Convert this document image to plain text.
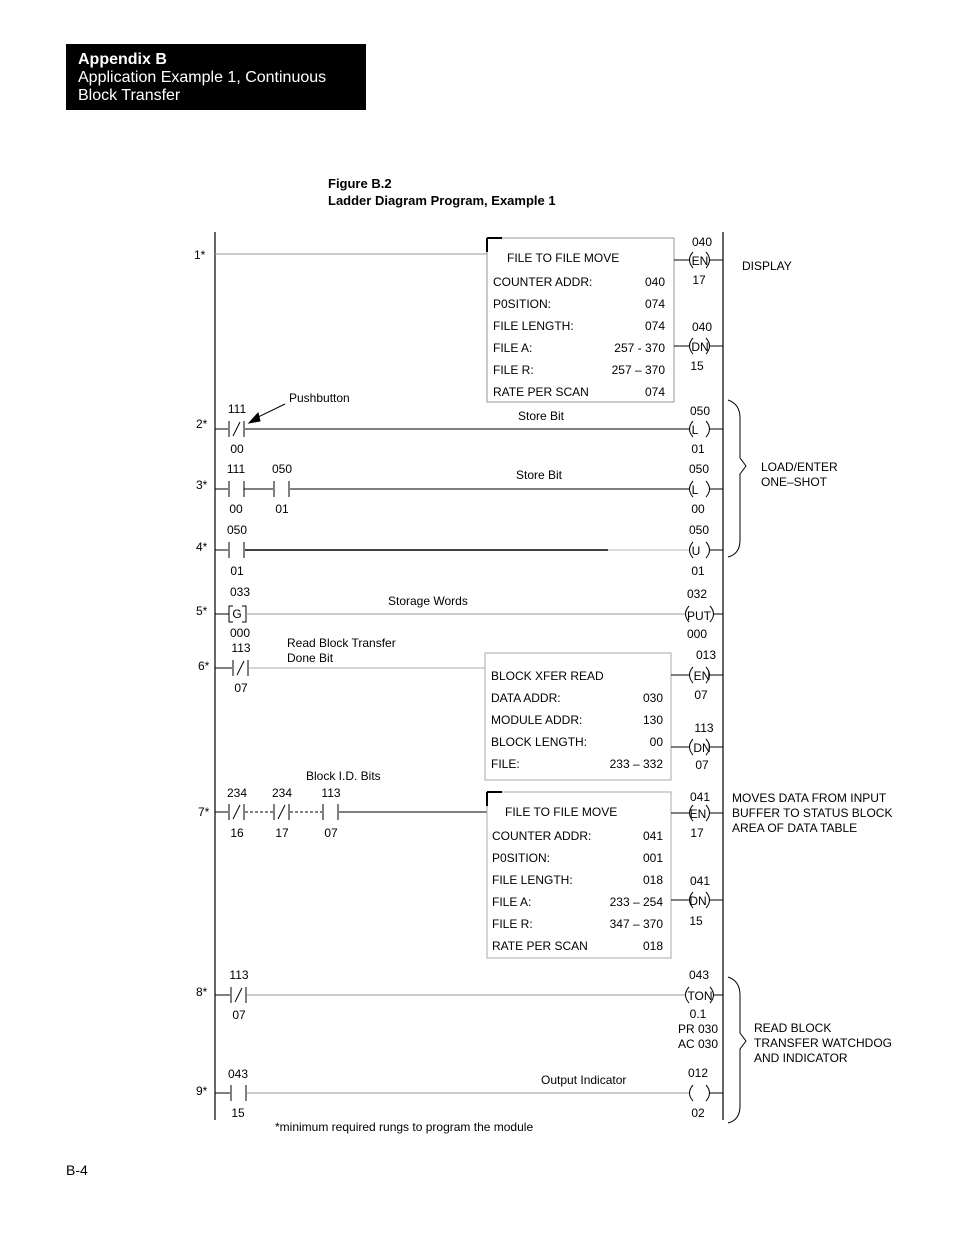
Appendix B
Application Example 1, Continuous Block Transfer
Figure B.2
Ladder Diagram Program, Example 1
1*	FILE TO FILE MOVE
COUNTER ADDR:	040
P0SITION:	074
FILE LENGTH:	074
FILE A:	257 - 370
FILE R:	257 – 370
RATE PER SCAN	074
040
EN
17
040
DN
15
DISPLAY
2*
111
00
Pushbutton
Store Bit	050
L
01
3*
111
00
050
01
Store Bit	050
L
00
4*
050
01
050
U
01
LOAD/ENTER
ONE–SHOT
5* G
033
000
Storage Words	032
PUT
000
6*
113
07
Read Block Transfer
Done Bit
BLOCK XFER READ
DATA ADDR:	030
MODULE ADDR:	130
BLOCK LENGTH:	00
FILE:	233 – 332
013
EN
07
113
DN
07
7*
Block I.D. Bits
234
16
234
17
113
07
FILE TO FILE MOVE
COUNTER ADDR:	041
P0SITION:	001
FILE LENGTH:	018
FILE A:	233 – 254
FILE R:	347 – 370
RATE PER SCAN	018
041
EN
17
041
DN
15
MOVES DATA FROM INPUT
BUFFER TO STATUS BLOCK
AREA OF DATA TABLE
8*
113
07
043
TON
0.1
PR 030
AC 030
9*
043
15
Output Indicator	012
02
READ BLOCK
TRANSFER WATCHDOG
AND INDICATOR
*minimum required rungs to program the module
B-4
